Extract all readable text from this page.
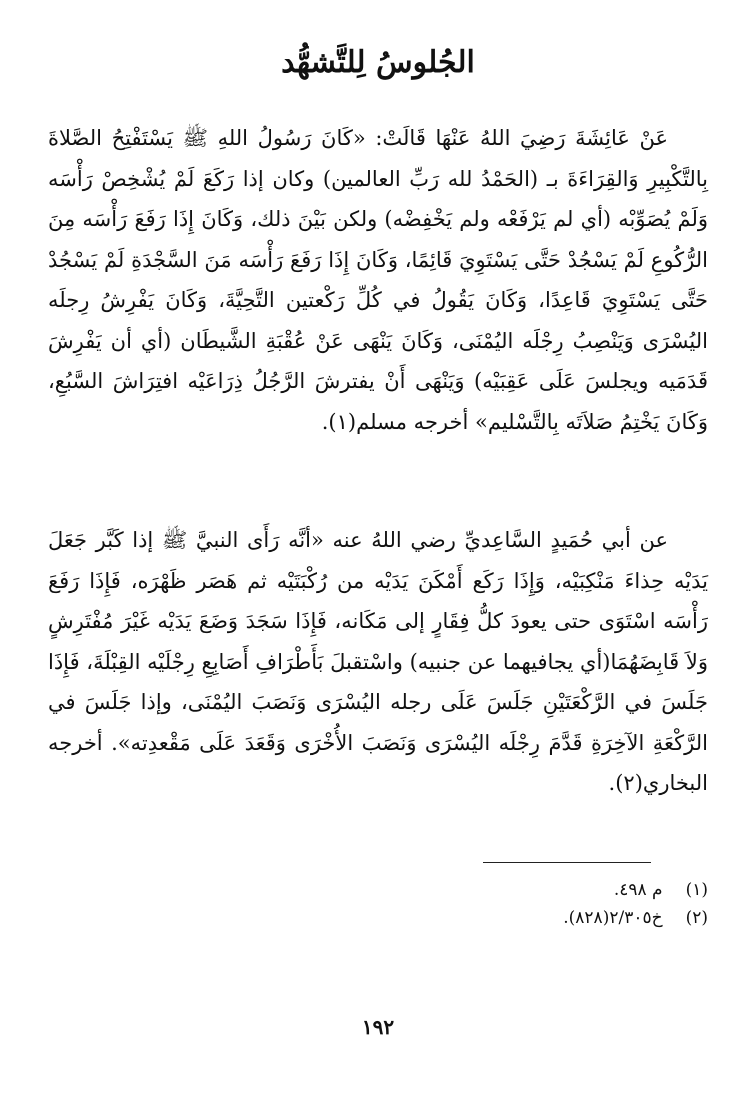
الجُلوسُ لِلتَّشهُّد

عَنْ عَائِشَةَ رَضِيَ اللهُ عَنْهَا قَالَتْ: «كَانَ رَسُولُ اللهِ ﷺ يَسْتَفْتِحُ الصَّلاةَ بِالتَّكْبِيرِ وَالقِرَاءَةَ بـ (الحَمْدُ لله رَبِّ العالمين) وكان إذا رَكَعَ لَمْ يُشْخِصْ رَأْسَه وَلَمْ يُصَوِّبْه (أي لم يَرْفَعْه ولم يَخْفِضْه) ولكن بَيْنَ ذلك، وَكَانَ إِذَا رَفَعَ رَأْسَه مِنَ الرُّكُوعِ لَمْ يَسْجُدْ حَتَّى يَسْتَوِيَ قَائِمًا، وَكَانَ إِذَا رَفَعَ رَأْسَه مَنَ السَّجْدَةِ لَمْ يَسْجُدْ حَتَّى يَسْتَوِيَ قَاعِدًا، وَكَانَ يَقُولُ في كُلِّ رَكْعتين التَّحِيَّةَ، وَكَانَ يَفْرِشُ رِجلَه اليُسْرَى وَيَنْصِبُ رِجْلَه اليُمْنَى، وَكَانَ يَنْهَى عَنْ عُقْبَةِ الشَّيطَان (أي أن يَفْرِشَ قَدَمَيه ويجلسَ عَلَى عَقِبَيْه) وَيَنْهَى أَنْ يفترشَ الرَّجُلُ ذِرَاعَيْه افتِرَاشَ السَّبُعِ، وَكَانَ يَخْتِمُ صَلاَتَه بِالتَّسْليم» أخرجه مسلم(١).

عن أبي حُمَيدٍ السَّاعِديِّ رضي اللهُ عنه «أنَّه رَأَى النبيَّ ﷺ إذا كَبَّر جَعَلَ يَدَيْه حِذاءَ مَنْكِبَيْه، وَإِذَا رَكَع أَمْكَنَ يَدَيْه من رُكْبَتَيْه ثم هَصَر ظَهْرَه، فَإِذَا رَفَعَ رَأْسَه اسْتَوَى حتى يعودَ كلُّ فِقَارٍ إلى مَكَانه، فَإِذَا سَجَدَ وَضَعَ يَدَيْه غَيْرَ مُفْتَرِشٍ وَلاَ قَابِضَهُمَا(أي يجافيهما عن جنبيه) واسْتقبلَ بَأَطْرَافِ أَصَابِعِ رِجْلَيْه القِبْلَةَ، فَإِذَا جَلَسَ في الرَّكْعَتَيْنِ جَلَسَ عَلَى رجله اليُسْرَى وَنَصَبَ اليُمْنَى، وإذا جَلَسَ في الرَّكْعَةِ الآخِرَةِ قَدَّمَ رِجْلَه اليُسْرَى وَنَصَبَ الأُخْرَى وَقَعَدَ عَلَى مَقْعدِته». أخرجه البخاري(٢).

(١) م ٤٩٨.
(٢) خ٢/٣٠٥(٨٢٨).
١٩٢
